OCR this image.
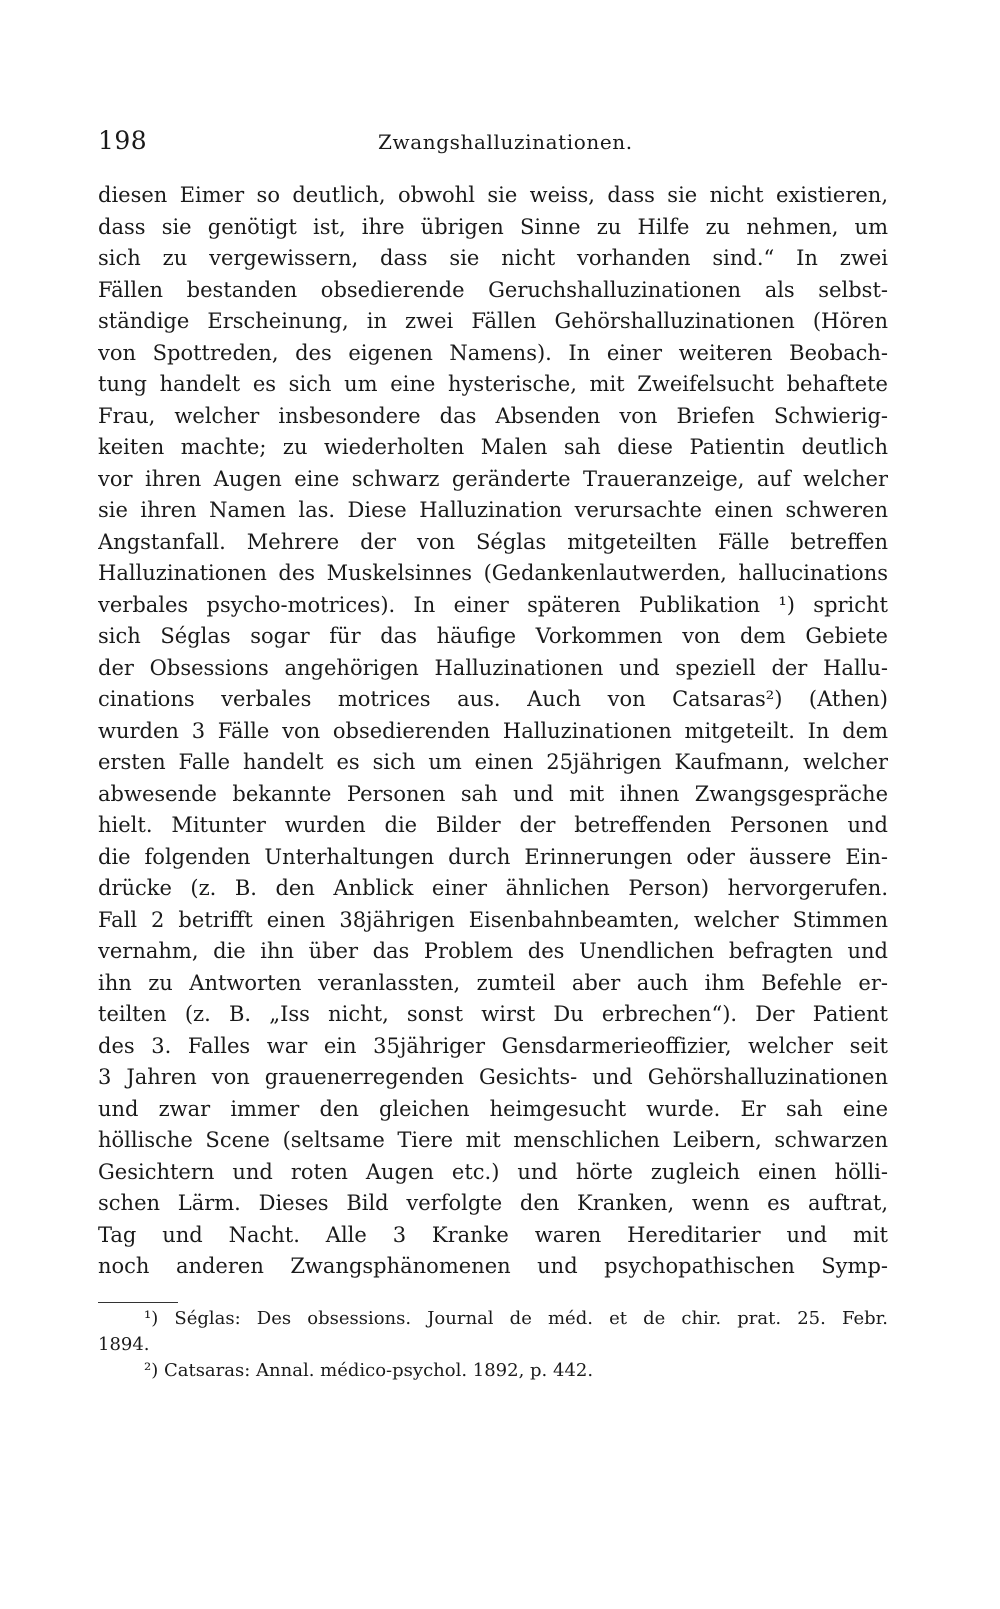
198	Zwangshalluzinationen.
diesen Eimer so deutlich, obwohl sie weiss, dass sie nicht existieren,
dass sie genötigt ist, ihre übrigen Sinne zu Hilfe zu nehmen, um
sich zu vergewissern, dass sie nicht vorhanden sind.“ In zwei
Fällen bestanden obsedierende Geruchshalluzinationen als selbst-
ständige Erscheinung, in zwei Fällen Gehörshalluzinationen (Hören
von Spottreden, des eigenen Namens). In einer weiteren Beobach-
tung handelt es sich um eine hysterische, mit Zweifelsucht behaftete
Frau, welcher insbesondere das Absenden von Briefen Schwierig-
keiten machte; zu wiederholten Malen sah diese Patientin deutlich
vor ihren Augen eine schwarz geränderte Traueranzeige, auf welcher
sie ihren Namen las. Diese Halluzination verursachte einen schweren
Angstanfall. Mehrere der von Séglas mitgeteilten Fälle betreffen
Halluzinationen des Muskelsinnes (Gedankenlautwerden, hallucinations
verbales psycho-motrices). In einer späteren Publikation ¹) spricht
sich Séglas sogar für das häufige Vorkommen von dem Gebiete
der Obsessions angehörigen Halluzinationen und speziell der Hallu-
cinations verbales motrices aus. Auch von Catsaras²) (Athen)
wurden 3 Fälle von obsedierenden Halluzinationen mitgeteilt. In dem
ersten Falle handelt es sich um einen 25jährigen Kaufmann, welcher
abwesende bekannte Personen sah und mit ihnen Zwangsgespräche
hielt. Mitunter wurden die Bilder der betreffenden Personen und
die folgenden Unterhaltungen durch Erinnerungen oder äussere Ein-
drücke (z. B. den Anblick einer ähnlichen Person) hervorgerufen.
Fall 2 betrifft einen 38jährigen Eisenbahnbeamten, welcher Stimmen
vernahm, die ihn über das Problem des Unendlichen befragten und
ihn zu Antworten veranlassten, zumteil aber auch ihm Befehle er-
teilten (z. B. „Iss nicht, sonst wirst Du erbrechen“). Der Patient
des 3. Falles war ein 35jähriger Gensdarmerieoffizier, welcher seit
3 Jahren von grauenerregenden Gesichts- und Gehörshalluzinationen
und zwar immer den gleichen heimgesucht wurde. Er sah eine
höllische Scene (seltsame Tiere mit menschlichen Leibern, schwarzen
Gesichtern und roten Augen etc.) und hörte zugleich einen hölli-
schen Lärm. Dieses Bild verfolgte den Kranken, wenn es auftrat,
Tag und Nacht. Alle 3 Kranke waren Hereditarier und mit
noch anderen Zwangsphänomenen und psychopathischen Symp-
¹) Séglas: Des obsessions. Journal de méd. et de chir. prat. 25. Febr.
1894.
²) Catsaras: Annal. médico-psychol. 1892, p. 442.
